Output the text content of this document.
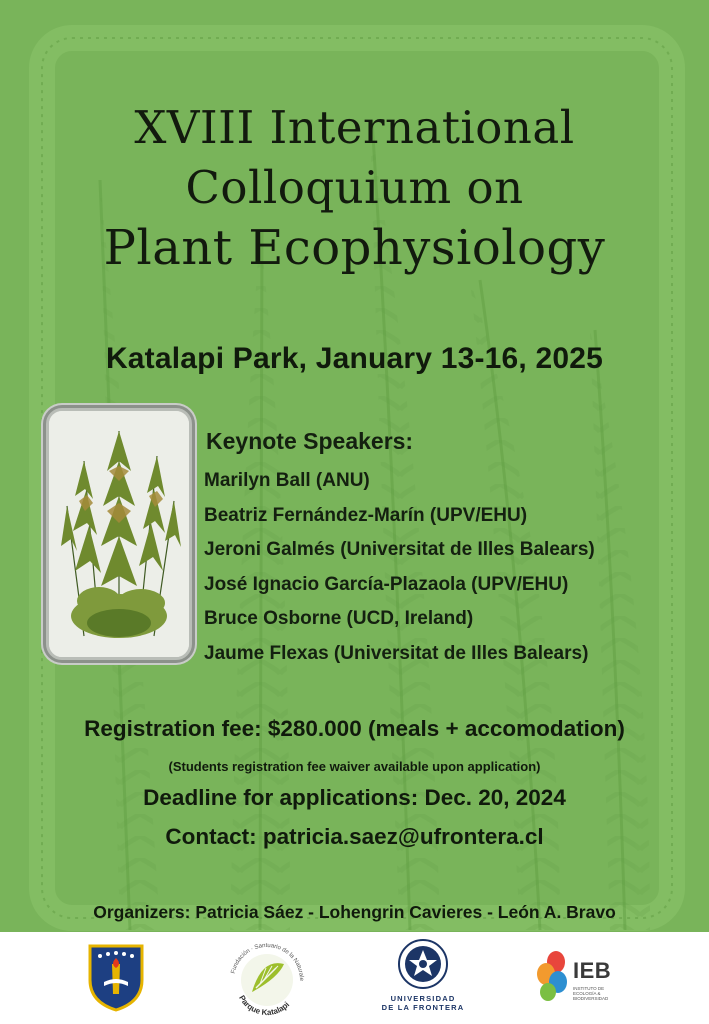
XVIII International
Colloquium on
Plant Ecophysiology
Katalapi Park, January 13-16, 2025
Keynote Speakers:
Marilyn Ball (ANU)
Beatriz Fernández-Marín (UPV/EHU)
Jeroni Galmés (Universitat de Illes Balears)
José Ignacio García-Plazaola (UPV/EHU)
Bruce Osborne (UCD, Ireland)
Jaume Flexas (Universitat de Illes Balears)
Registration fee: $280.000 (meals + accomodation)
(Students registration fee waiver available upon application)
Deadline for applications: Dec. 20, 2024
Contact: patricia.saez@ufrontera.cl
Organizers: Patricia Sáez - Lohengrin Cavieres - León A. Bravo
Fundación · Santuario de la Naturale
Parque Katalapi
UNIVERSIDAD
DE LA FRONTERA
IEB
INSTITUTO DE ECOLOGÍA & BIODIVERSIDAD
